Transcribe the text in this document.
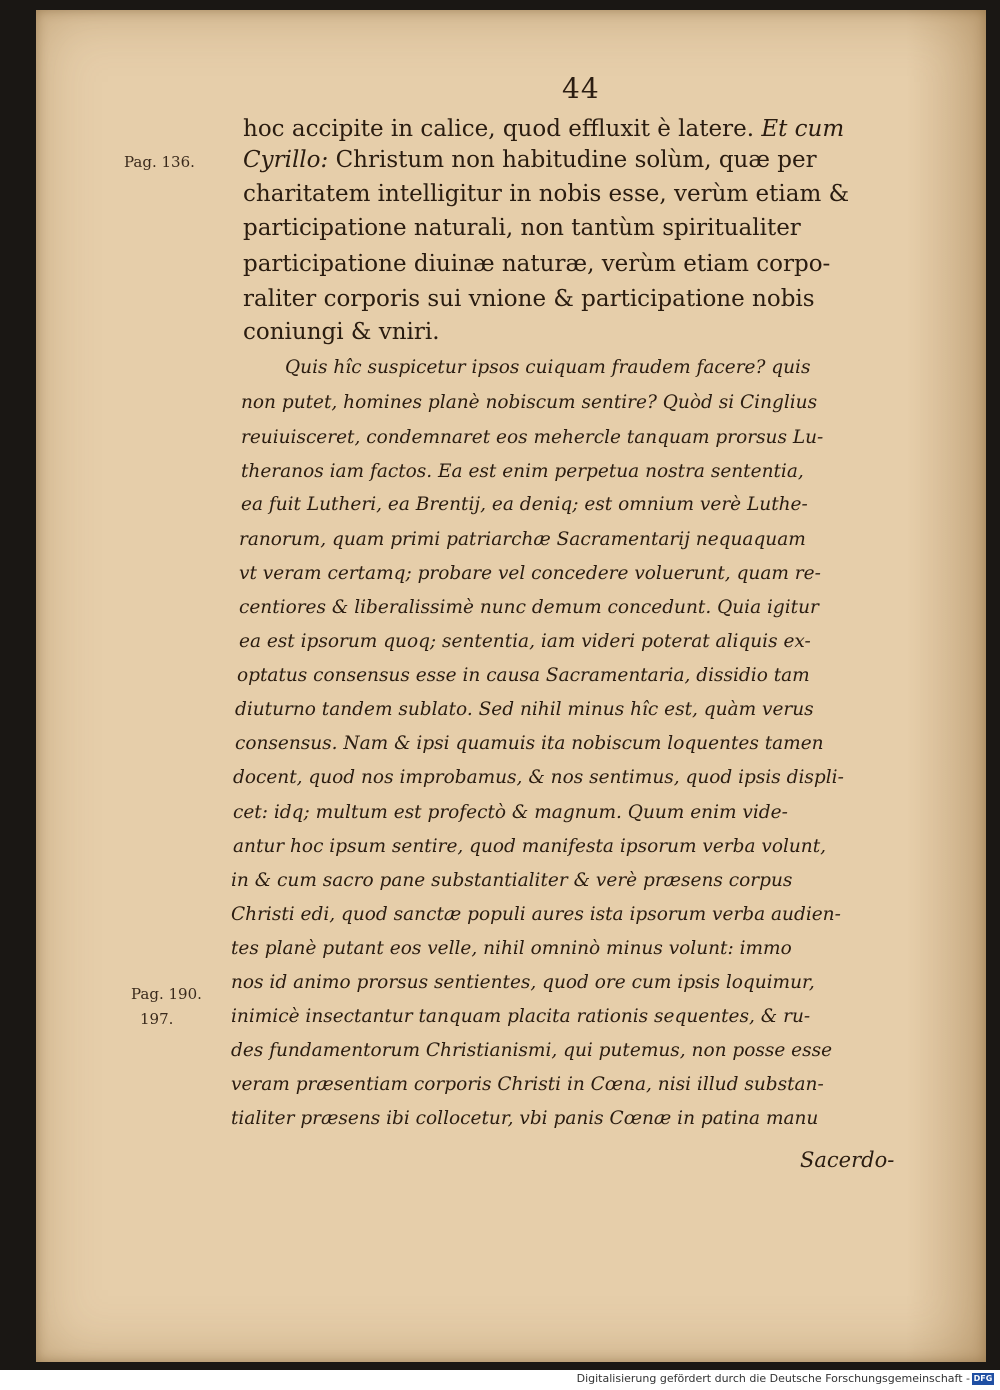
44
Pag. 136.
Pag. 190.
197.

hoc accipite in calice, quod effluxit è latere. Et cum

Cyrillo: Christum non habitudine solùm, quæ per

charitatem intelligitur in nobis esse, verùm etiam &

participatione naturali, non tantùm spiritualiter

participatione diuinæ naturæ, verùm etiam corpo-

raliter corporis sui vnione & participatione nobis

coniungi & vniri.

Quis hîc suspicetur ipsos cuiquam fraudem facere? quis

non putet, homines planè nobiscum sentire? Quòd si Cinglius

reuiuisceret, condemnaret eos mehercle tanquam prorsus Lu-

theranos iam factos. Ea est enim perpetua nostra sententia,

ea fuit Lutheri, ea Brentij, ea deniq; est omnium verè Luthe-

ranorum, quam primi patriarchæ Sacramentarij nequaquam

vt veram certamq; probare vel concedere voluerunt, quam re-

centiores & liberalissimè nunc demum concedunt. Quia igitur

ea est ipsorum quoq; sententia, iam videri poterat aliquis ex-

optatus consensus esse in causa Sacramentaria, dissidio tam

diuturno tandem sublato. Sed nihil minus hîc est, quàm verus

consensus. Nam & ipsi quamuis ita nobiscum loquentes tamen

docent, quod nos improbamus, & nos sentimus, quod ipsis displi-

cet: idq; multum est profectò & magnum. Quum enim vide-

antur hoc ipsum sentire, quod manifesta ipsorum verba volunt,

in & cum sacro pane substantialiter & verè præsens corpus

Christi edi, quod sanctæ populi aures ista ipsorum verba audien-

tes planè putant eos velle, nihil omninò minus volunt: immo

nos id animo prorsus sentientes, quod ore cum ipsis loquimur,

inimicè insectantur tanquam placita rationis sequentes, & ru-

des fundamentorum Christianismi, qui putemus, non posse esse

veram præsentiam corporis Christi in Cœna, nisi illud substan-

tialiter præsens ibi collocetur, vbi panis Cœnæ in patina manu

Sacerdo-
Digitalisierung gefördert durch die Deutsche Forschungsgemeinschaft - DFG
